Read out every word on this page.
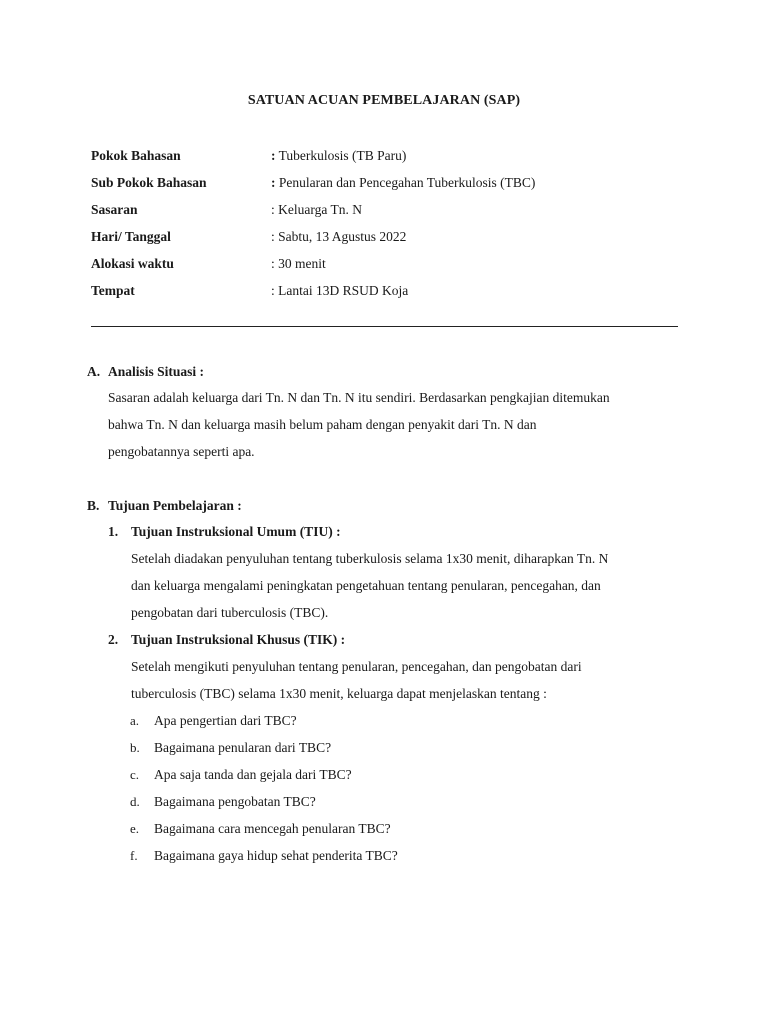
SATUAN ACUAN PEMBELAJARAN (SAP)
Pokok Bahasan	: Tuberkulosis (TB Paru)
Sub Pokok Bahasan	: Penularan dan Pencegahan Tuberkulosis (TBC)
Sasaran	: Keluarga Tn. N
Hari/ Tanggal	: Sabtu, 13 Agustus 2022
Alokasi waktu	: 30 menit
Tempat	: Lantai 13D RSUD Koja
A. Analisis Situasi :
Sasaran adalah keluarga dari Tn. N dan Tn. N itu sendiri. Berdasarkan pengkajian ditemukan
bahwa Tn. N dan keluarga masih belum paham dengan penyakit dari Tn. N dan
pengobatannya seperti apa.
B. Tujuan Pembelajaran :
1. Tujuan Instruksional Umum (TIU) :
Setelah diadakan penyuluhan tentang tuberkulosis selama 1x30 menit, diharapkan Tn. N
dan keluarga mengalami peningkatan pengetahuan tentang penularan, pencegahan, dan
pengobatan dari tuberculosis (TBC).
2. Tujuan Instruksional Khusus (TIK) :
Setelah mengikuti penyuluhan tentang penularan, pencegahan, dan pengobatan dari
tuberculosis (TBC) selama 1x30 menit, keluarga dapat menjelaskan tentang :
a. Apa pengertian dari TBC?
b. Bagaimana penularan dari TBC?
c. Apa saja tanda dan gejala dari TBC?
d. Bagaimana pengobatan TBC?
e. Bagaimana cara mencegah penularan TBC?
f. Bagaimana gaya hidup sehat penderita TBC?
